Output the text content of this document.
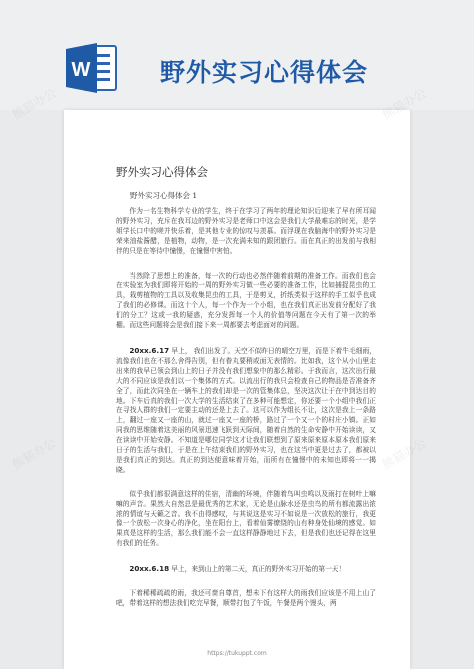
W	野外实习心得体会
野外实习心得体会
野外实习心得体会 1

作为一名生物科学专业的学生，终于在学习了两年的理论知识后迎来了早有所耳闻的野外实习，充斥在我耳边的野外实习是老师口中这会是我们大学最难忘的时光，是学姐学长口中的嗟并快乐着，是其他专业的惊叹与羡慕。而浮现在我脑海中的野外实习是荣来油盐酱醋，是植物，动物，是一次充满未知的跟团旅行。而在真正的出发前与我相伴的只是在等待中憧憬，在憧憬中害怕。

当然除了思想上的准备，每一次的行动也必然伴随着前期的准备工作。而我们也会在实验室为我们即将开始的一周的野外实习做一些必要的准备工作，比如捕捉昆虫的工具，栽剪植物的工具以及收集昆虫的工具，于是剪叉，折纸类似于这样的手工似乎也成了我们的必修课。而这十个人，每一个作为一个小组，也在我们真正出发前分配好了我们的分工？这或一我的疑惑，充分发挥每一个人的价值等问题在今天有了第一次的举棚。而这些问题将会是我们接下来一周都要去考虑面对的问题。

20xx.6.17 早上， 我们出发了。天空不似昨日的晴空万里，而是下着牛毛细雨，流像我们也在不那么舍得告别，但有眷丸要稍或面无表情的。比如我，这个从小山里走出来的我早已领会到山上的日子并没有我们想象中的那么精彩。于我而言，这次出行最大的不同应该是我们以一个集体的方式。以流出行的我只会检查自己的物品是否准备齐全了，而此次同坐在一辆车上的我们却是一次的管集体总，坚决这次让于在中到达目的地。下车后真的我们一次大学的生活结束了在多种可能想定，你还要一个小组中我们正在寻找人群的我们一定要主动的还是上去了。这可以作为组长不让，这次是我上一条路上，翻过一座又一座的山，就过一座又一座的桥，路过了一个又一个的村庄小镇。正如同我的思维随着这美丽的风景迅速飞跃到天际间，随着自然的生命安静中开始读读，又在读读中开始安静。不知道是哪位同学这才让我们联想到了原来原来原本原本我们原来日子的生活与我们，于是在上午结束我们的野外实习，也在这当中更是过去了，都被以是我们真正的到达。真正的到达便意味着开始，而所有在憧憬中的未知也即将一一揭晓。

似乎我们都很满意这样的住宿，清幽的环境，伴随着鸟叫虫鸣以及雨打在树叶上嘛嘛的声音。果然大自然总是最优秀的艺术家，无论是山脉水还是虫鸟的所有都流露出浓浓的情谊与天籁之音。我不由得感叹，与其说这是实习不如说是一次放松的旅行，我更像一个放松一次身心的净化，坐在阳台上，看着仙雾缭绕的山有种身处仙境的感觉。如果真是这样的生活，那么我们能不会一直这样静静地过下去，但是我们也还记得在这里有我们的任务。

20xx.6.18 早上，来到山上的第二天，真正的野外实习开始的第一天！

下着稀稀疏疏的雨，我还可啬自尊首，想未下有这样大的雨我们应该是不用上山了吧，带着这样的想法我们吃完早餐，顺带打包了午饭，午餐是两个馒头，两

https://tukuppt.com
熊猫办公
